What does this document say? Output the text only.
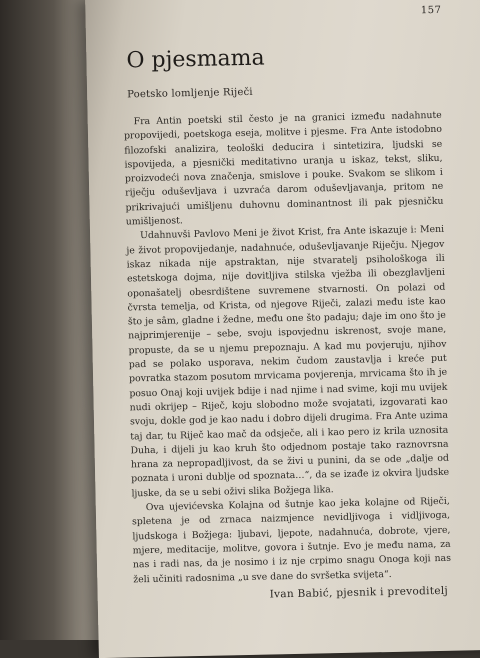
157
O pjesmama
Poetsko lomljenje Riječi

Fra Antin poetski stil često je na granici između nadahnute propovijedi, poetskoga eseja, molitve i pjesme. Fra Ante istodobno filozofski analizira, teološki deducira i sintetizira, ljudski se ispovijeda, a pjesnički meditativno uranja u iskaz, tekst, sliku, proizvodeći nova značenja, smislove i pouke. Svakom se slikom i riječju oduševljava i uzvraća darom oduševljavanja, pritom ne prikrivajući umišljenu duhovnu dominantnost ili pak pjesničku umišljenost.

Udahnuvši Pavlovo Meni je život Krist, fra Ante iskazuje i: Meni je život propovijedanje, nadahnuće, oduševljavanje Riječju. Njegov iskaz nikada nije apstraktan, nije stvaratelj psihološkoga ili estetskoga dojma, nije dovitljiva stilska vježba ili obezglavljeni oponašatelj obesrdištene suvremene stvarnosti. On polazi od čvrsta temelja, od Krista, od njegove Riječi, zalazi među iste kao što je sâm, gladne i žedne, među one što padaju; daje im ono što je najprimjerenije – sebe, svoju ispovjednu iskrenost, svoje mane, propuste, da se u njemu prepoznaju. A kad mu povjeruju, njihov pad se polako usporava, nekim čudom zaustavlja i kreće put povratka stazom posutom mrvicama povjerenja, mrvicama što ih je posuo Onaj koji uvijek bdije i nad njime i nad svime, koji mu uvijek nudi okrijep – Riječ, koju slobodno može svojatati, izgovarati kao svoju, dokle god je kao nadu i dobro dijeli drugima. Fra Ante uzima taj dar, tu Riječ kao mač da odsječe, ali i kao pero iz krila uznosita Duha, i dijeli ju kao kruh što odjednom postaje tako raznovrsna hrana za nepropadljivost, da se živi u punini, da se ode „dalje od poznata i uroni dublje od spoznata…“, da se izađe iz okvira ljudske ljuske, da se u sebi oživi slika Božjega lika.

Ova ujevićevska Kolajna od šutnje kao jeka kolajne od Riječi, spletena je od zrnaca naizmjence nevidljivoga i vidljivoga, ljudskoga i Božjega: ljubavi, ljepote, nadahnuća, dobrote, vjere, mjere, meditacije, molitve, govora i šutnje. Evo je među nama, za nas i radi nas, da je nosimo i iz nje crpimo snagu Onoga koji nas želi učiniti radosnima „u sve dane do svršetka svijeta“.

Ivan Babić, pjesnik i prevoditelj
